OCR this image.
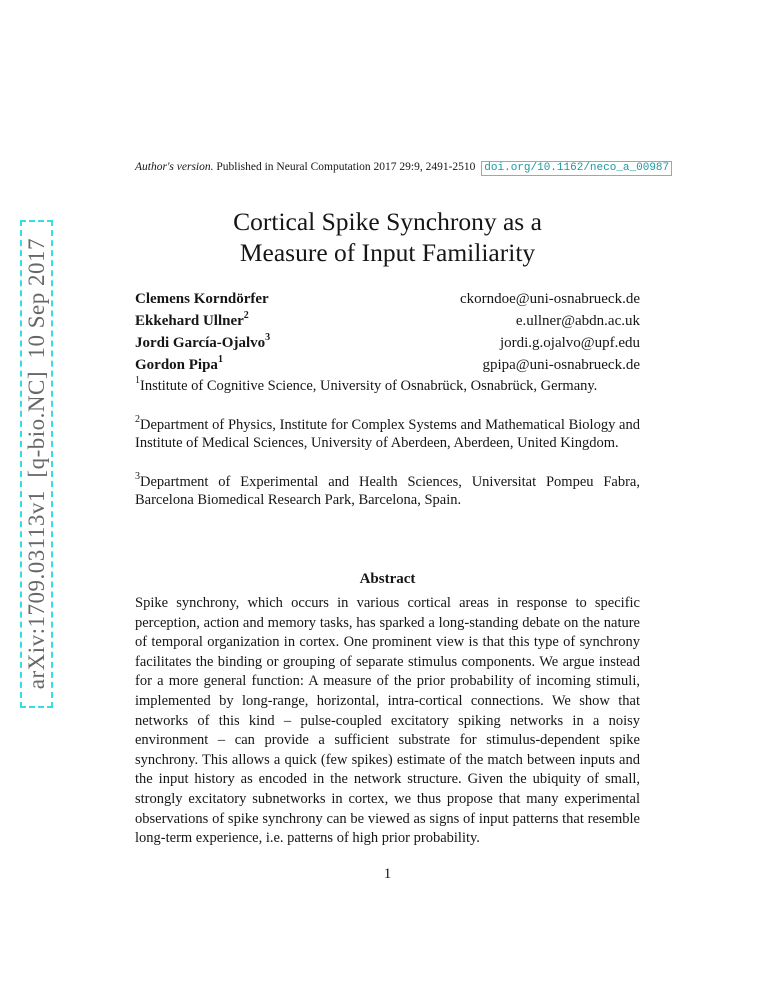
arXiv:1709.03113v1  [q-bio.NC]  10 Sep 2017
Author's version. Published in Neural Computation 2017 29:9, 2491-2510 doi.org/10.1162/neco_a_00987
Cortical Spike Synchrony as a
Measure of Input Familiarity
Clemens Korndörfer	ckorndoe@uni-osnabrueck.de
Ekkehard Ullner$^2$	e.ullner@abdn.ac.uk
Jordi García-Ojalvo$^3$	jordi.g.ojalvo@upf.edu
Gordon Pipa$^1$	gpipa@uni-osnabrueck.de

$^1$Institute of Cognitive Science, University of Osnabrück, Osnabrück, Germany.

$^2$Department of Physics, Institute for Complex Systems and Mathematical Biology and Institute of Medical Sciences, University of Aberdeen, Aberdeen, United Kingdom.

$^3$Department of Experimental and Health Sciences, Universitat Pompeu Fabra, Barcelona Biomedical Research Park, Barcelona, Spain.

Abstract

Spike synchrony, which occurs in various cortical areas in response to specific perception, action and memory tasks, has sparked a long-standing debate on the nature of temporal organization in cortex. One prominent view is that this type of synchrony facilitates the binding or grouping of separate stimulus components. We argue instead for a more general function: A measure of the prior probability of incoming stimuli, implemented by long-range, horizontal, intra-cortical connections. We show that networks of this kind – pulse-coupled excitatory spiking networks in a noisy environment – can provide a sufficient substrate for stimulus-dependent spike synchrony. This allows a quick (few spikes) estimate of the match between inputs and the input history as encoded in the network structure. Given the ubiquity of small, strongly excitatory subnetworks in cortex, we thus propose that many experimental observations of spike synchrony can be viewed as signs of input patterns that resemble long-term experience, i.e. patterns of high prior probability.

1
